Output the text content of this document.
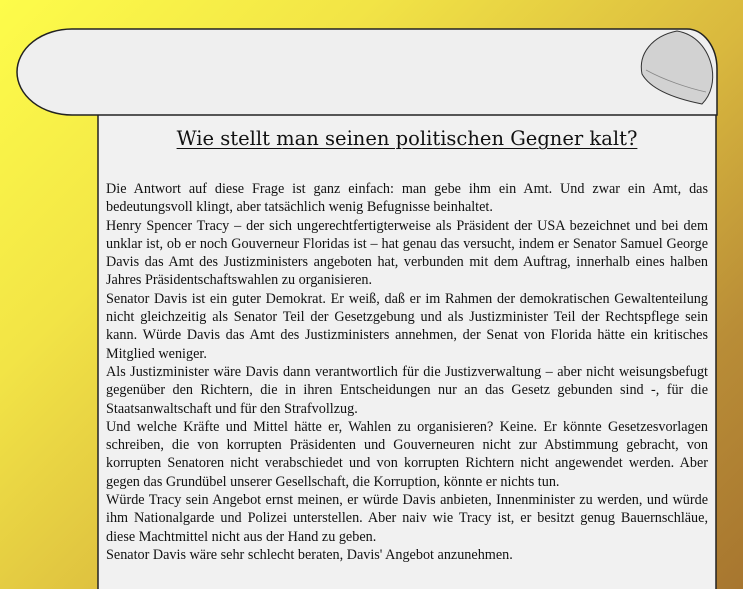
Wie stellt man seinen politischen Gegner kalt?

Die Antwort auf diese Frage ist ganz einfach: man gebe ihm ein Amt. Und zwar ein Amt, das bedeutungsvoll klingt, aber tatsächlich wenig Befugnisse beinhaltet.

Henry Spencer Tracy – der sich ungerechtfertigterweise als Präsident der USA bezeichnet und bei dem unklar ist, ob er noch Gouverneur Floridas ist – hat genau das versucht, indem er Senator Samuel George Davis das Amt des Justizministers angeboten hat, verbunden mit dem Auftrag, innerhalb eines halben Jahres Präsidentschaftswahlen zu organisieren.

Senator Davis ist ein guter Demokrat. Er weiß, daß er im Rahmen der demokratischen Gewaltenteilung nicht gleichzeitig als Senator Teil der Gesetzgebung und als Justizminister Teil der Rechtspflege sein kann. Würde Davis das Amt des Justizministers annehmen, der Senat von Florida hätte ein kritisches Mitglied weniger.

Als Justizminister wäre Davis dann verantwortlich für die Justizverwaltung – aber nicht weisungsbefugt gegenüber den Richtern, die in ihren Entscheidungen nur an das Gesetz gebunden sind -, für die Staatsanwaltschaft und für den Strafvollzug.

Und welche Kräfte und Mittel hätte er, Wahlen zu organisieren? Keine. Er könnte Gesetzesvorlagen schreiben, die von korrupten Präsidenten und Gouverneuren nicht zur Abstimmung gebracht, von korrupten Senatoren nicht verabschiedet und von korrupten Richtern nicht angewendet werden. Aber gegen das Grundübel unserer Gesellschaft, die Korruption, könnte er nichts tun.

Würde Tracy sein Angebot ernst meinen, er würde Davis anbieten, Innenminister zu werden, und würde ihm Nationalgarde und Polizei unterstellen. Aber naiv wie Tracy ist, er besitzt genug Bauernschläue, diese Machtmittel nicht aus der Hand zu geben.

Senator Davis wäre sehr schlecht beraten, Davis' Angebot anzunehmen.
